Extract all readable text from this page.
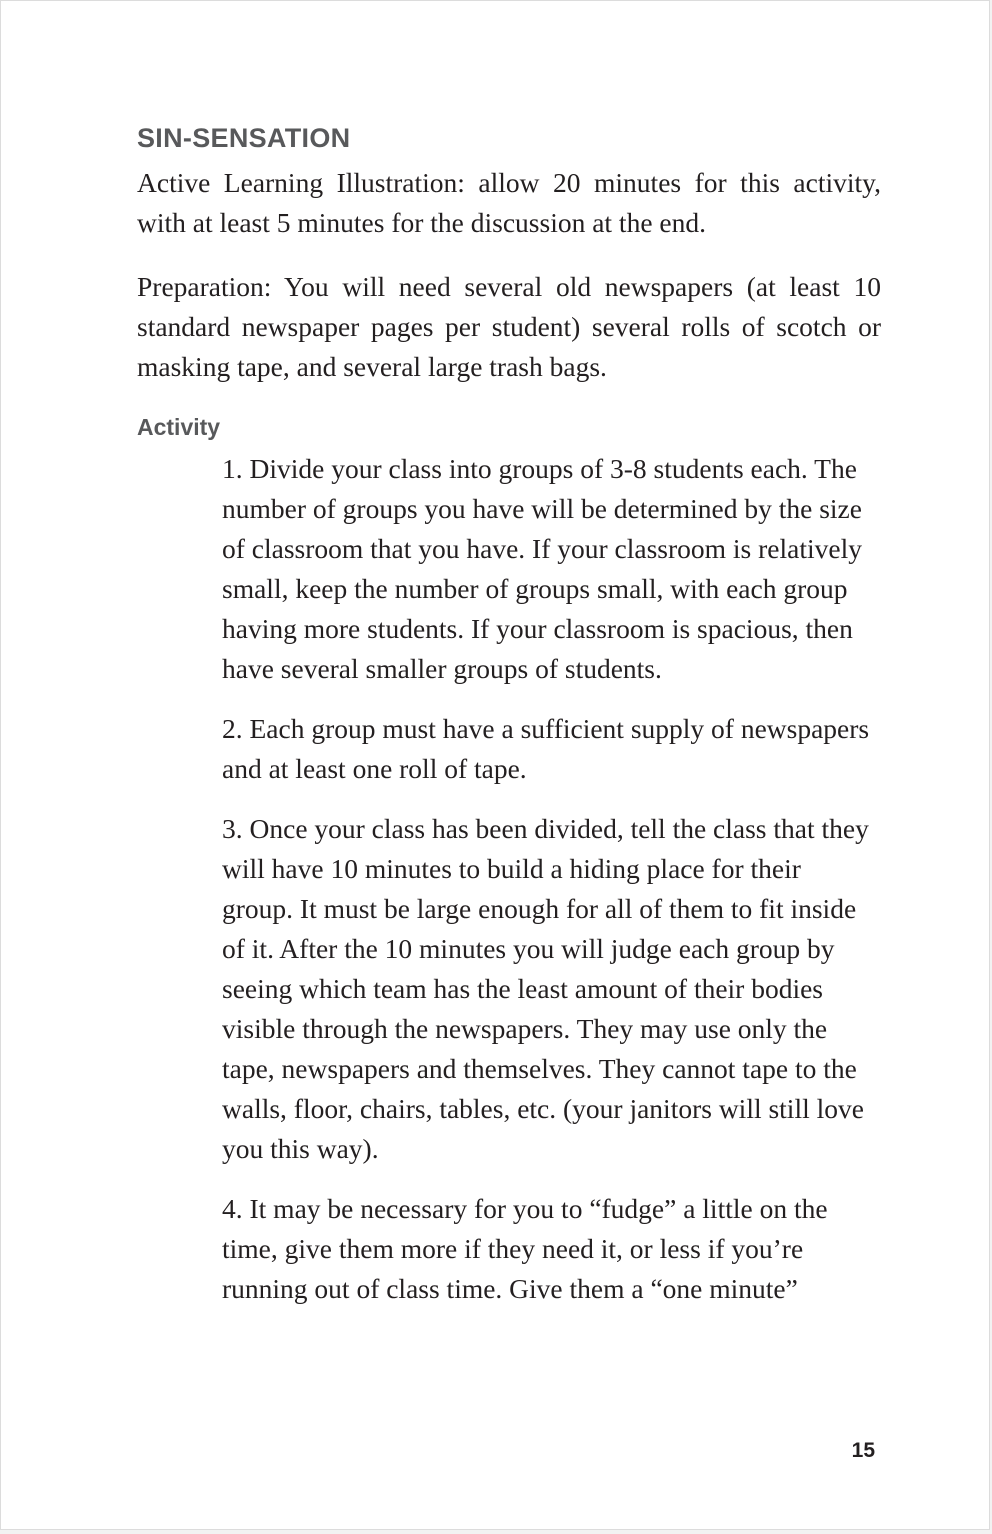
SIN-SENSATION

Active Learning Illustration: allow 20 minutes for this activity, with at least 5 minutes for the discussion at the end.

Preparation: You will need several old newspapers (at least 10 standard newspaper pages per student) several rolls of scotch or masking tape, and several large trash bags.

Activity

1. Divide your class into groups of 3-8 students each. The number of groups you have will be determined by the size of classroom that you have. If your classroom is relatively small, keep the number of groups small, with each group having more students. If your classroom is spacious, then have several smaller groups of students.

2. Each group must have a sufficient supply of newspapers and at least one roll of tape.

3. Once your class has been divided, tell the class that they will have 10 minutes to build a hiding place for their group. It must be large enough for all of them to fit inside of it. After the 10 minutes you will judge each group by seeing which team has the least amount of their bodies visible through the newspapers. They may use only the tape, newspapers and themselves. They cannot tape to the walls, floor, chairs, tables, etc. (your janitors will still love you this way).

4. It may be necessary for you to “fudge” a little on the time, give them more if they need it, or less if you’re running out of class time. Give them a “one minute”

15
